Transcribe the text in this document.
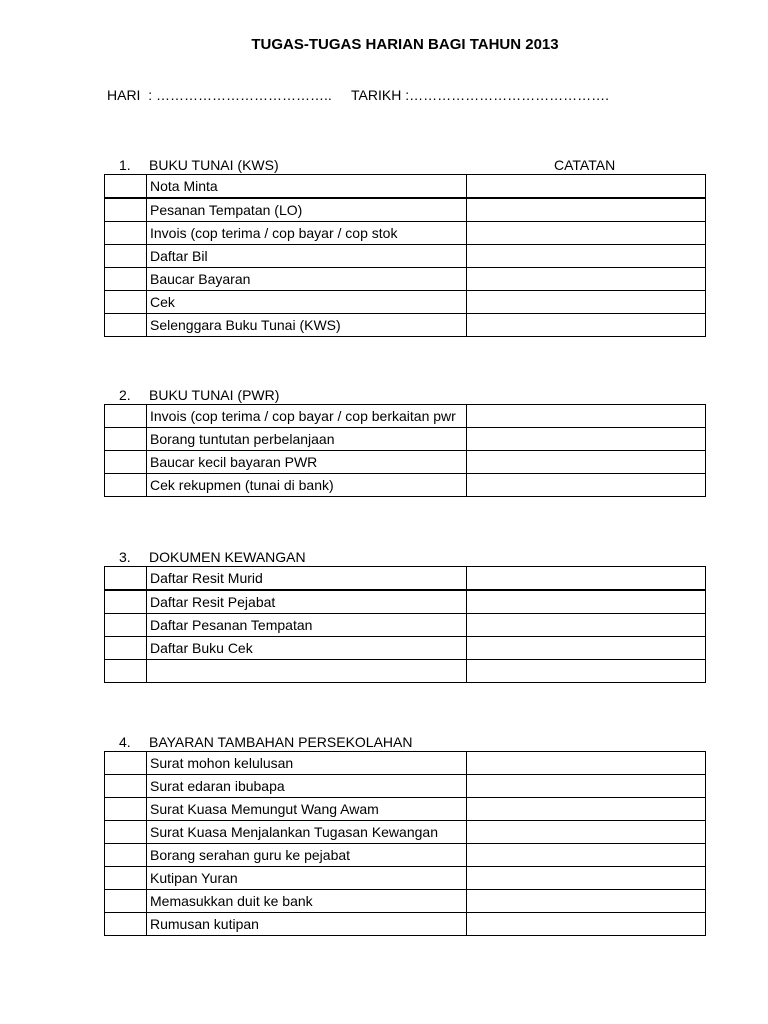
TUGAS-TUGAS HARIAN BAGI TAHUN 2013
HARI  : ……………………………….. TARIKH :…………………………………….
1. BUKU TUNAI (KWS)	CATATAN
	Nota Minta	
	Pesanan Tempatan (LO)	
	Invois (cop terima / cop bayar / cop stok	
	Daftar Bil	
	Baucar Bayaran	
	Cek	
	Selenggara Buku Tunai (KWS)	
2. BUKU TUNAI (PWR)
	Invois (cop terima / cop bayar / cop berkaitan pwr	
	Borang tuntutan perbelanjaan	
	Baucar kecil bayaran PWR	
	Cek rekupmen (tunai di bank)	
3. DOKUMEN KEWANGAN
	Daftar Resit Murid	
	Daftar Resit Pejabat	
	Daftar Pesanan Tempatan	
	Daftar Buku Cek	

4. BAYARAN TAMBAHAN PERSEKOLAHAN
	Surat mohon kelulusan	
	Surat edaran ibubapa	
	Surat Kuasa Memungut Wang Awam	
	Surat Kuasa Menjalankan Tugasan Kewangan	
	Borang serahan guru ke pejabat	
	Kutipan Yuran	
	Memasukkan duit ke bank	
	Rumusan kutipan	
